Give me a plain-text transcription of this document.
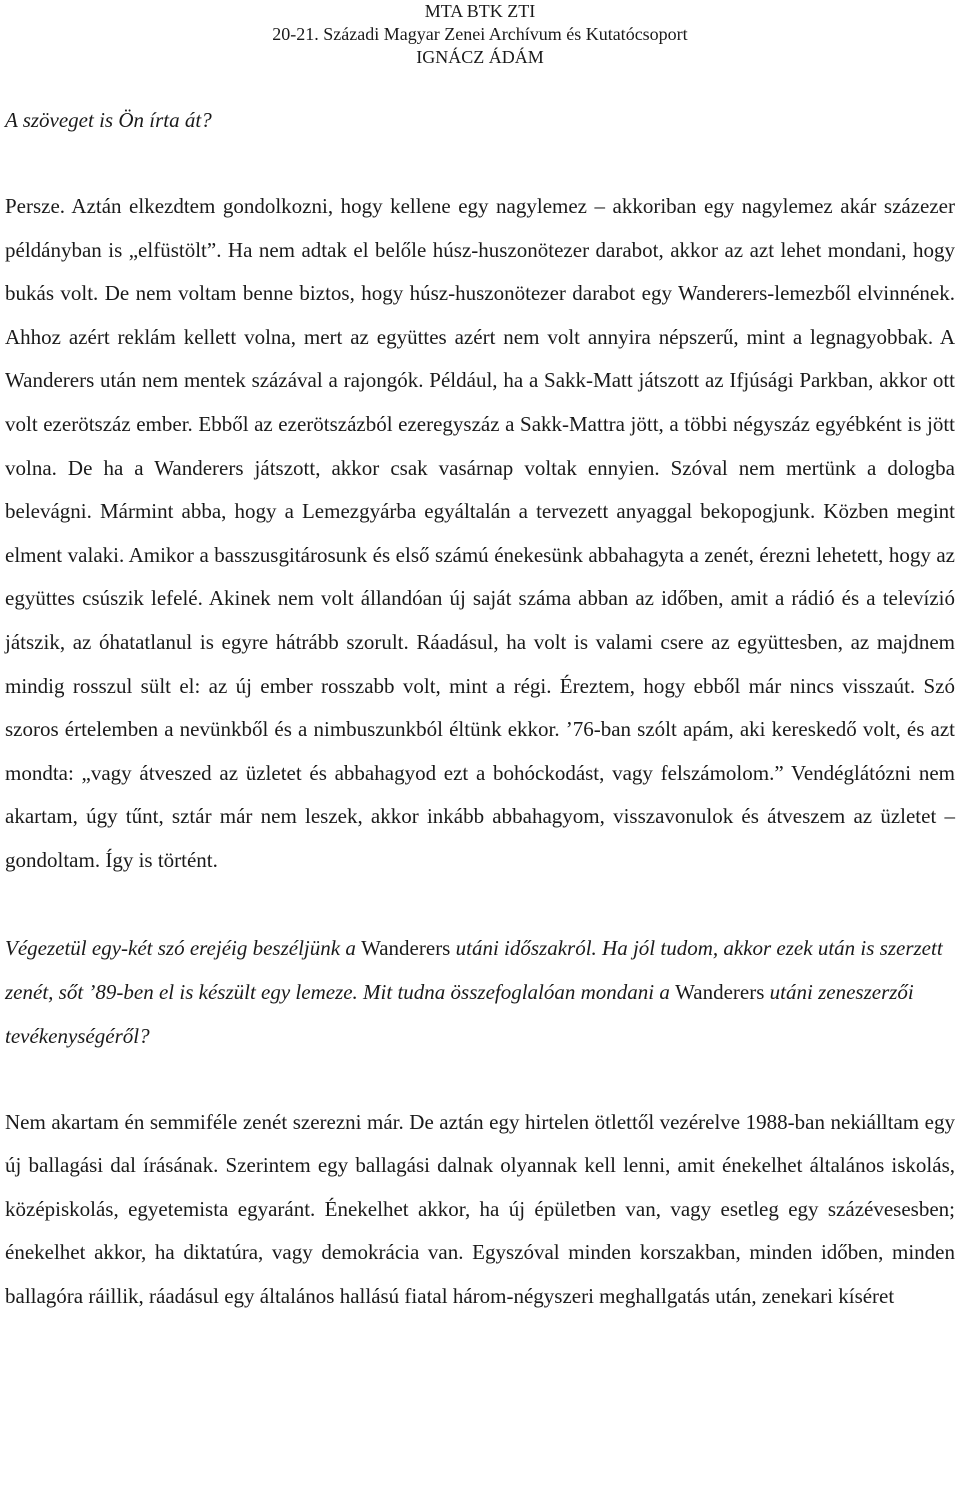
MTA BTK ZTI
20-21. Századi Magyar Zenei Archívum és Kutatócsoport
IGNÁCZ ÁDÁM

A szöveget is Ön írta át?

Persze. Aztán elkezdtem gondolkozni, hogy kellene egy nagylemez – akkoriban egy nagylemez akár százezer példányban is „elfüstölt”. Ha nem adtak el belőle húsz-huszonötezer darabot, akkor az azt lehet mondani, hogy bukás volt. De nem voltam benne biztos, hogy húsz-huszonötezer darabot egy Wanderers-lemezből elvinnének. Ahhoz azért reklám kellett volna, mert az együttes azért nem volt annyira népszerű, mint a legnagyobbak. A Wanderers után nem mentek százával a rajongók. Például, ha a Sakk-Matt játszott az Ifjúsági Parkban, akkor ott volt ezerötszáz ember. Ebből az ezerötszázból ezeregyszáz a Sakk-Mattra jött, a többi négyszáz egyébként is jött volna. De ha a Wanderers játszott, akkor csak vasárnap voltak ennyien. Szóval nem mertünk a dologba belevágni. Mármint abba, hogy a Lemezgyárba egyáltalán a tervezett anyaggal bekopogjunk. Közben megint elment valaki. Amikor a basszusgitárosunk és első számú énekesünk abbahagyta a zenét, érezni lehetett, hogy az együttes csúszik lefelé. Akinek nem volt állandóan új saját száma abban az időben, amit a rádió és a televízió játszik, az óhatatlanul is egyre hátrább szorult. Ráadásul, ha volt is valami csere az együttesben, az majdnem mindig rosszul sült el: az új ember rosszabb volt, mint a régi. Éreztem, hogy ebből már nincs visszaút. Szó szoros értelemben a nevünkből és a nimbuszunkból éltünk ekkor. ’76-ban szólt apám, aki kereskedő volt, és azt mondta: „vagy átveszed az üzletet és abbahagyod ezt a bohóckodást, vagy felszámolom.” Vendéglátózni nem akartam, úgy tűnt, sztár már nem leszek, akkor inkább abbahagyom, visszavonulok és átveszem az üzletet – gondoltam. Így is történt.

Végezetül egy-két szó erejéig beszéljünk a Wanderers utáni időszakról. Ha jól tudom, akkor ezek után is szerzett zenét, sőt ’89-ben el is készült egy lemeze. Mit tudna összefoglalóan mondani a Wanderers utáni zeneszerzői tevékenységéről?

Nem akartam én semmiféle zenét szerezni már. De aztán egy hirtelen ötlettől vezérelve 1988-ban nekiálltam egy új ballagási dal írásának. Szerintem egy ballagási dalnak olyannak kell lenni, amit énekelhet általános iskolás, középiskolás, egyetemista egyaránt. Énekelhet akkor, ha új épületben van, vagy esetleg egy százévesesben; énekelhet akkor, ha diktatúra, vagy demokrácia van. Egyszóval minden korszakban, minden időben, minden ballagóra ráillik, ráadásul egy általános hallású fiatal három-négyszeri meghallgatás után, zenekari kíséret
